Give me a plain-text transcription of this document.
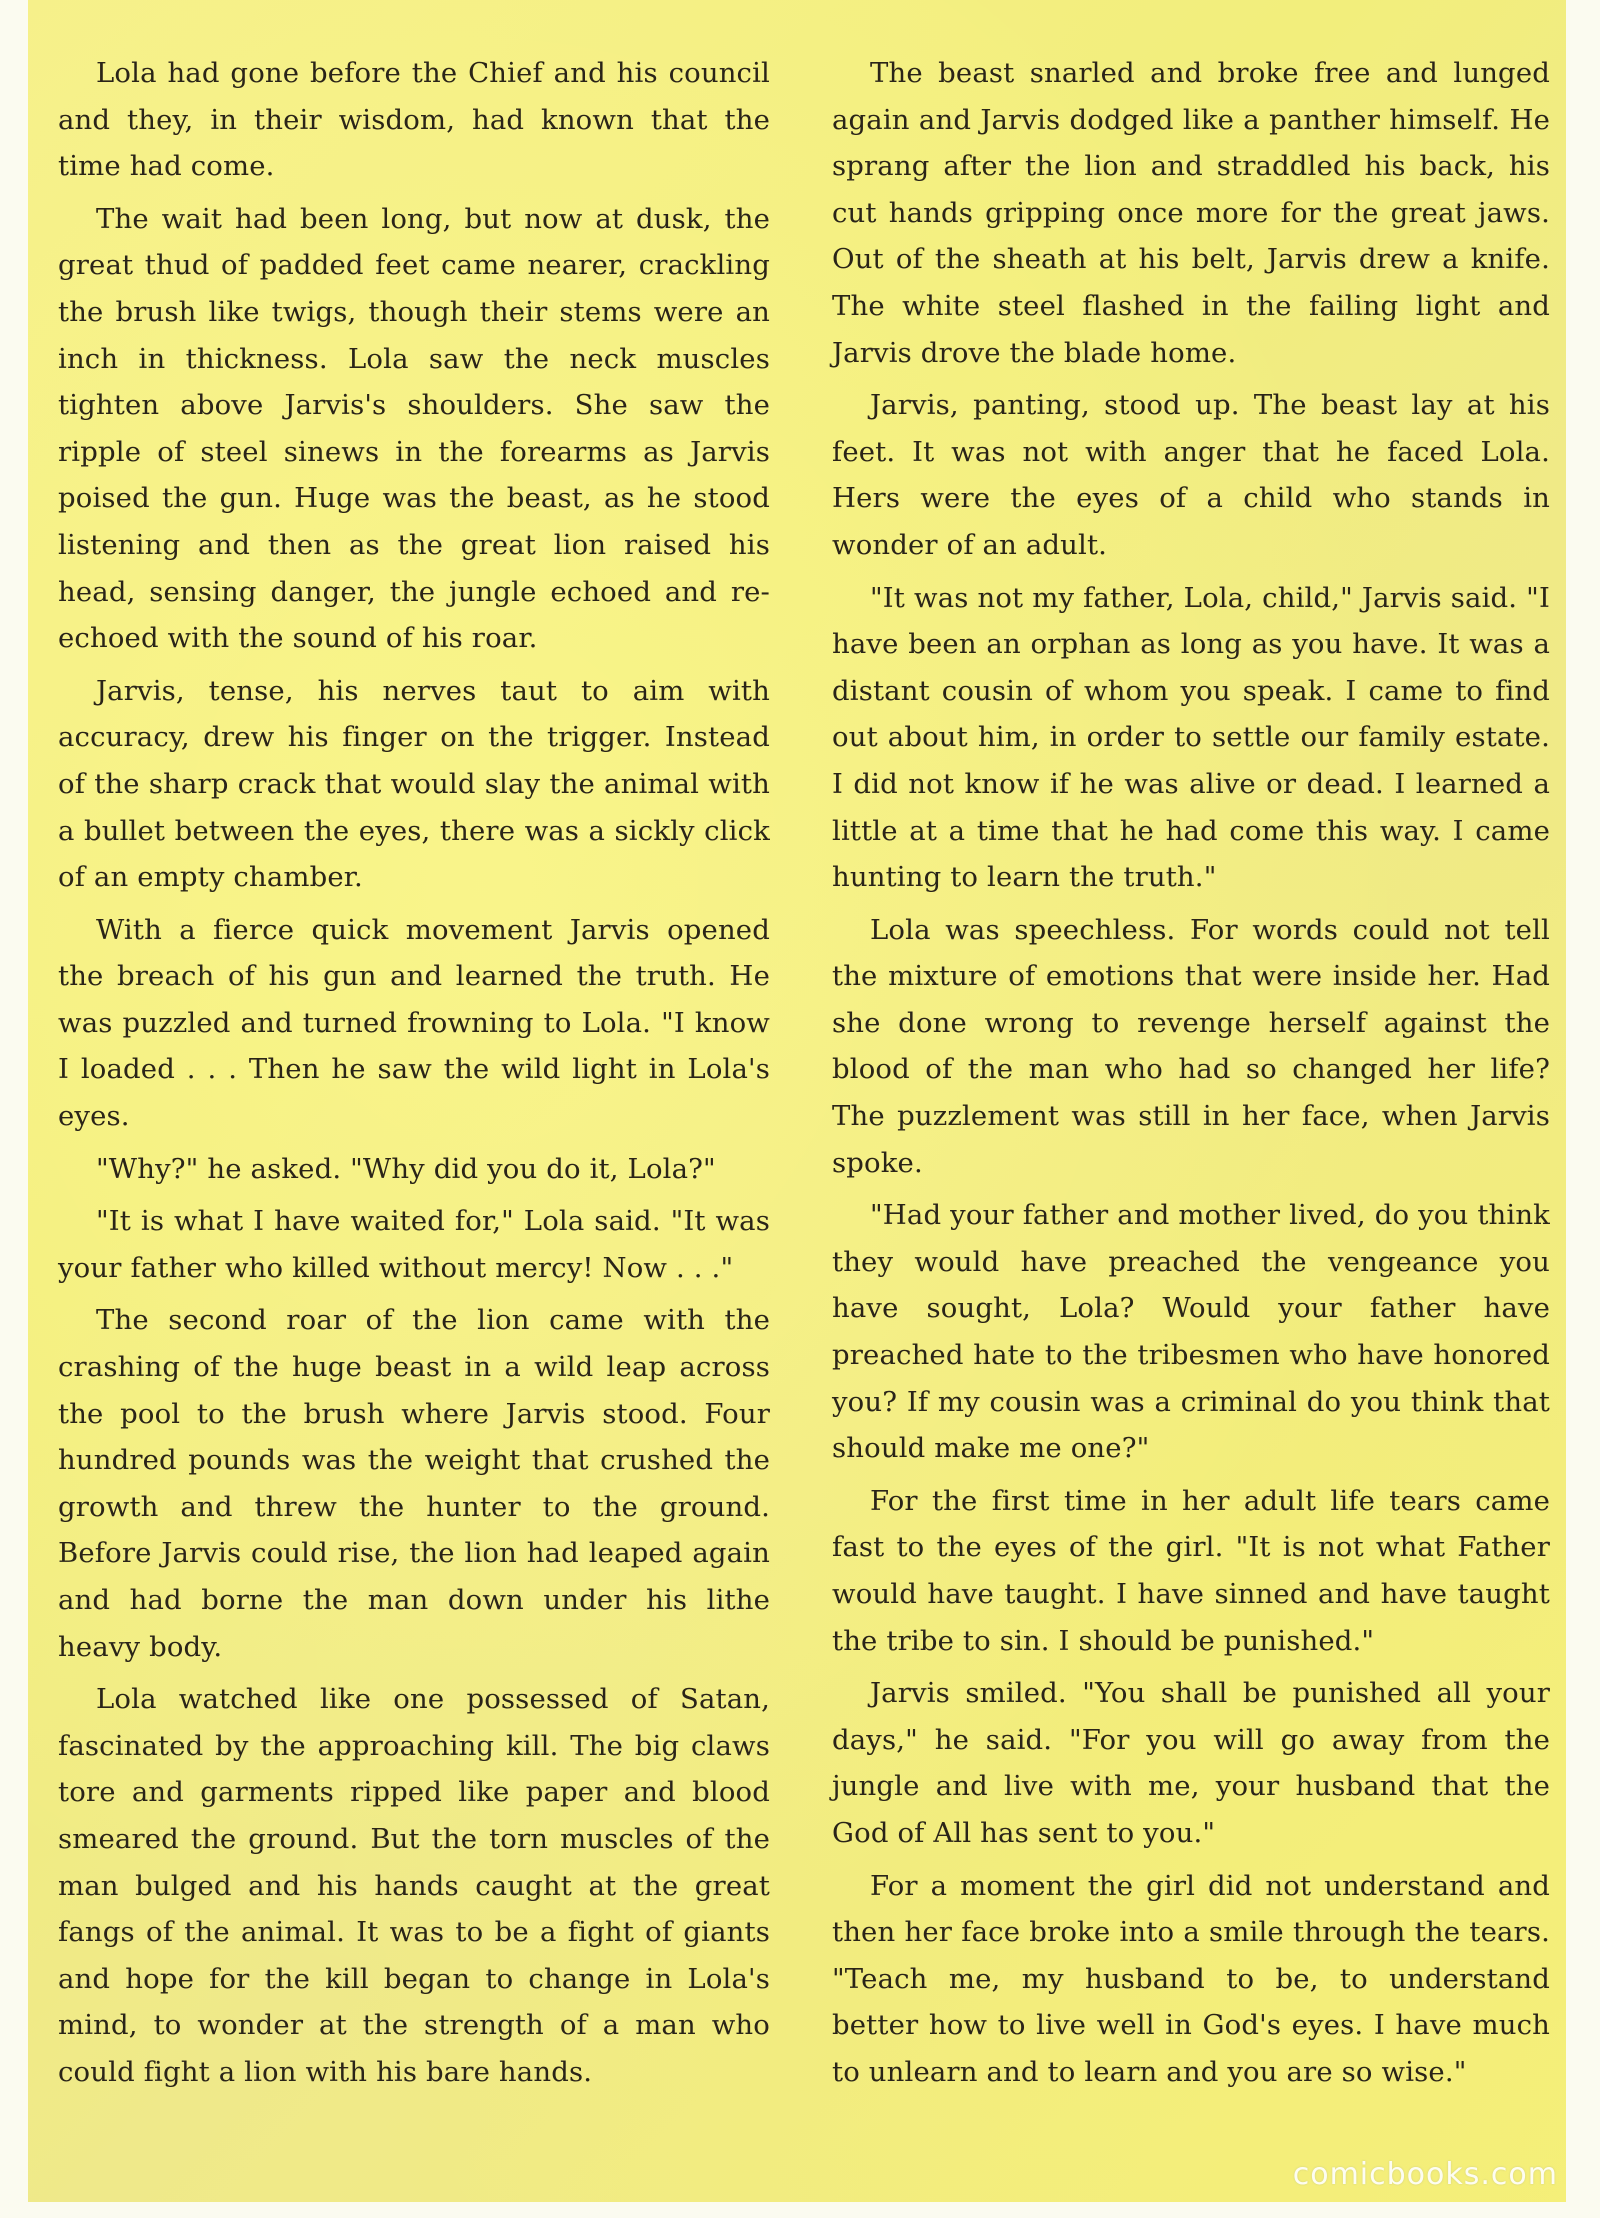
Lola had gone before the Chief and his council and they, in their wisdom, had known that the time had come.

The wait had been long, but now at dusk, the great thud of padded feet came nearer, crackling the brush like twigs, though their stems were an inch in thickness. Lola saw the neck muscles tighten above Jarvis's shoulders. She saw the ripple of steel sinews in the forearms as Jarvis poised the gun. Huge was the beast, as he stood listening and then as the great lion raised his head, sensing danger, the jungle echoed and re-echoed with the sound of his roar.

Jarvis, tense, his nerves taut to aim with accuracy, drew his finger on the trigger. Instead of the sharp crack that would slay the animal with a bullet between the eyes, there was a sickly click of an empty chamber.

With a fierce quick movement Jarvis opened the breach of his gun and learned the truth. He was puzzled and turned frowning to Lola. "I know I loaded . . . Then he saw the wild light in Lola's eyes.

"Why?" he asked. "Why did you do it, Lola?"

"It is what I have waited for," Lola said. "It was your father who killed without mercy! Now . . ."

The second roar of the lion came with the crashing of the huge beast in a wild leap across the pool to the brush where Jarvis stood. Four hundred pounds was the weight that crushed the growth and threw the hunter to the ground. Before Jarvis could rise, the lion had leaped again and had borne the man down under his lithe heavy body.

Lola watched like one possessed of Satan, fascinated by the approaching kill. The big claws tore and garments ripped like paper and blood smeared the ground. But the torn muscles of the man bulged and his hands caught at the great fangs of the animal. It was to be a fight of giants and hope for the kill began to change in Lola's mind, to wonder at the strength of a man who could fight a lion with his bare hands.

The beast snarled and broke free and lunged again and Jarvis dodged like a panther himself. He sprang after the lion and straddled his back, his cut hands gripping once more for the great jaws. Out of the sheath at his belt, Jarvis drew a knife. The white steel flashed in the failing light and Jarvis drove the blade home.

Jarvis, panting, stood up. The beast lay at his feet. It was not with anger that he faced Lola. Hers were the eyes of a child who stands in wonder of an adult.

"It was not my father, Lola, child," Jarvis said. "I have been an orphan as long as you have. It was a distant cousin of whom you speak. I came to find out about him, in order to settle our family estate. I did not know if he was alive or dead. I learned a little at a time that he had come this way. I came hunting to learn the truth."

Lola was speechless. For words could not tell the mixture of emotions that were inside her. Had she done wrong to revenge herself against the blood of the man who had so changed her life? The puzzlement was still in her face, when Jarvis spoke.

"Had your father and mother lived, do you think they would have preached the vengeance you have sought, Lola? Would your father have preached hate to the tribesmen who have honored you? If my cousin was a criminal do you think that should make me one?"

For the first time in her adult life tears came fast to the eyes of the girl. "It is not what Father would have taught. I have sinned and have taught the tribe to sin. I should be punished."

Jarvis smiled. "You shall be punished all your days," he said. "For you will go away from the jungle and live with me, your husband that the God of All has sent to you."

For a moment the girl did not understand and then her face broke into a smile through the tears. "Teach me, my husband to be, to understand better how to live well in God's eyes. I have much to unlearn and to learn and you are so wise."

comicbooks.com
